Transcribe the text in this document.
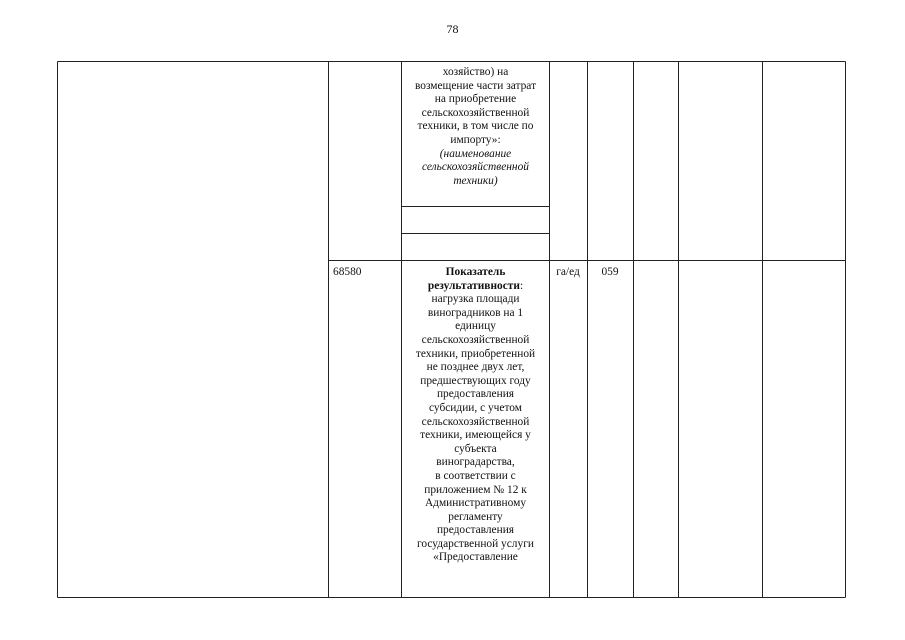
78
хозяйство) на
возмещение части затрат
на приобретение
сельскохозяйственной
техники, в том числе по
импорту»:
(наименование
сельскохозяйственной
техники)
68580	Показатель
результативности:
нагрузка площади
виноградников на 1
единицу
сельскохозяйственной
техники, приобретенной
не позднее двух лет,
предшествующих году
предоставления
субсидии, с учетом
сельскохозяйственной
техники, имеющейся у
субъекта
виноградарства,
в соответствии с
приложением № 12 к
Административному
регламенту
предоставления
государственной услуги
«Предоставление
га/ед	059
